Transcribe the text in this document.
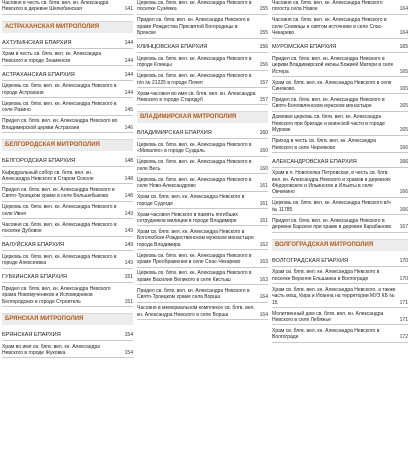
Часовня в честь св. блгв. вел. кн. Александра Невского в деревне Шелюбинская	141
АСТРАХАНСКАЯ МИТРОПОЛИЯ
АХТУБИНСКАЯ ЕПАРХИЯ	144
Храм в честь св. блгв. вел. кн. Александра Невского в городе Знаменске	144
АСТРАХАНСКАЯ ЕПАРХИЯ	144
Церковь св. блгв. вел. кн. Александра Невского в городе Астрахани	144
Церковь св. блгв. вел. кн. Александра Невского в селе Разино	145
Придел св. блгв. вел. кн. Александра Невского во Владимирской церкви Астрахани	146
БЕЛГОРОДСКАЯ МИТРОПОЛИЯ
БЕЛГОРОДСКАЯ ЕПАРХИЯ	148
Кафедральный собор св. блгв. вел. кн. Александра Невского в Старом Осколе	148
Придел св. блгв. вел. кн. Александра Невского в Свято-Троицком храме в селе Большебыково	148
Церковь св. блгв. вел. кн. Александра Невского в селе Ивня	149
Часовня св. блгв. вел. кн. Александра Невского в поселке Дубовое	149
ВАЛУЙСКАЯ ЕПАРХИЯ	149
Церковь св. блгв. вел. кн. Александра Невского в городе Алексеевка	149
ГУБКИНСКАЯ ЕПАРХИЯ	151
Придел св. блгв. вел. кн. Александра Невского храма Новомучеников и Исповедников Белгородских в городе Строитель	151
БРЯНСКАЯ МИТРОПОЛИЯ
БРЯНСКАЯ ЕПАРХИЯ	154
Храм во имя св. блгв. вел. кн. Александра Невского в городе Жуковка	154
Церковь св. блгв. вел. кн. Александра Невского в поселке Сузёмка	155
Придел св. блгв. вел. кн. Александра Невского в храме Рождества Пресвятой Богородицы в Брянске	155
КЛИНЦОВСКАЯ ЕПАРХИЯ	156
Церковь св. блгв. вел. кн. Александра Невского в городе Клинцы	156
Церковь св. блгв. вел. кн. Александра Невского в п/о № 21225 в городе Почеп	157
Храм-часовня во имя св. блгв. вел. кн. Александра Невского в городе Стародуб	157
ВЛАДИМИРСКАЯ МИТРОПОЛИЯ
ВЛАДИМИРСКАЯ ЕПАРХИЯ	160
Церковь св. блгв. вел. кн. Александра Невского в «Михалях» в городе Суздаль	160
Церковь св. блгв. вел. кн. Александра Невского в селе Весь	160
Церковь св. блгв. вел. кн. Александра Невского в селе Ново-Александрово	161
Храм св. блгв. вел. кн. Александра Невского в городе Судогде	161
Храм-часовня Невского в память погибших сотрудников милиции в городе Владимире	161
Храм св. блгв. вел. кн. Александра Невского в Боголюбске-Рождественском мужском монастыре города Владимира	162
Церковь св. блгв. вел. кн. Александра Невского в храме Преображения в селе Спас-Чекарево	163
Церковь св. блгв. вел. кн. Александра Невского в храме Василия Великого в селе Кистыш	163
Придел св. блгв. вел. кн. Александра Невского в Свято-Троицком храме села Ворша	164
Часовня в мемориальном комплексе св. блгв. вел. кн. Александра Невского в селе Ворша	164
Часовня св. блгв. вел. кн. Александра Невского погоста села Новое	164
Часовня св. блгв. вел. кн. Александра Невского в селе Сновицы и святом источнике в селе Спас-Чекарево	164
МУРОМСКАЯ ЕПАРХИЯ	165
Придел св. блгв. вел. кн. Александра Невского в церкви Владимирской иконы Божией Матери в селе Истера	165
Храм св. блгв. вел. кн. Александра Невского в селе Синяково	165
Придел св. блгв. вел. кн. Александра Невского в Свято-Богоявленском мужском монастыре	165
Домовая церковь св. блгв. вел. кн. Александра Невского при бригаде и воинской части в городе Муроме	165
Приход в честь св. блгв. вел. кн. Александра Невского в селе Черняково	166
АЛЕКСАНДРОВСКАЯ ЕПАРХИЯ	166
Храм в п. Новоселка Петровская, в честь св. блгв. вел. кн. Александра Невского и храмов в деревнях Фёдоровское и Ильинское и Ильиты в селе Овчинино	166
Церковь св. блгв. вел. кн. Александра Невского в/ч № 11785	166
Придел св. блгв. вел. кн. Александра Невского в деревне Барское при храме в деревне Карабаново	167
ВОЛГОГРАДСКАЯ МИТРОПОЛИЯ
ВОЛГОГРАДСКАЯ ЕПАРХИЯ	170
Храм св. блгв. вел. кн. Александра Невского в поселке Верхняя Ельшанка в Волгограде	170
Храм св. блгв. вел. кн. Александра Невского, а также часть мощ. Кира и Иоанна на территории МУЗ КБ № 15	171
Молитвенный дом св. блгв. вел. кн. Александра Невского в селе Лебяжье	171
Храм св. блгв. вел. кн. Александра Невского в Волгограде	172
